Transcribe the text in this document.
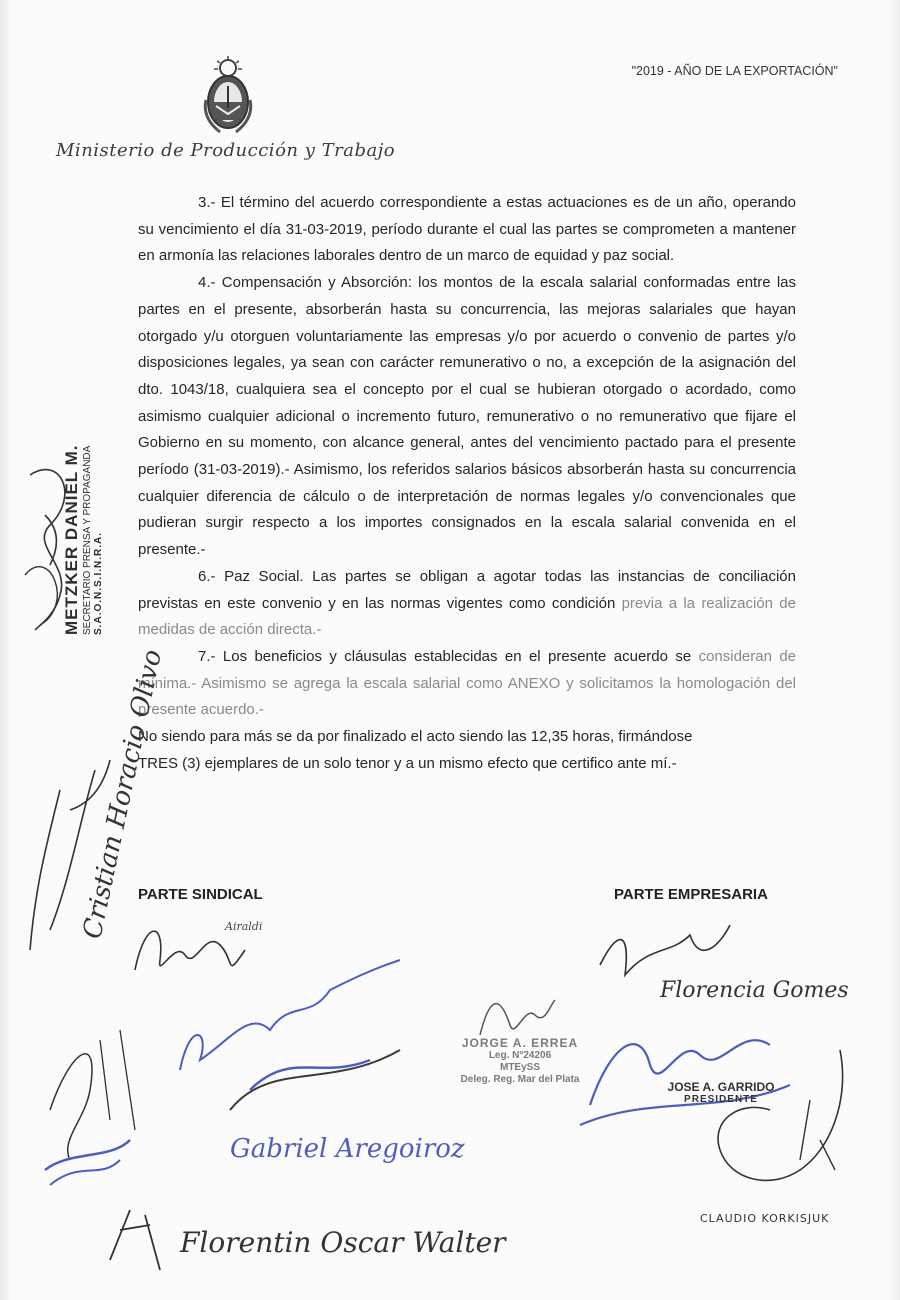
Ministerio de Producción y Trabajo
"2019 - AÑO DE LA EXPORTACIÓN"

3.- El término del acuerdo correspondiente a estas actuaciones es de un año, operando su vencimiento el día 31-03-2019, período durante el cual las partes se comprometen a mantener en armonía las relaciones laborales dentro de un marco de equidad y paz social.

4.- Compensación y Absorción: los montos de la escala salarial conformadas entre las partes en el presente, absorberán hasta su concurrencia, las mejoras salariales que hayan otorgado y/u otorguen voluntariamente las empresas y/o por acuerdo o convenio de partes y/o disposiciones legales, ya sean con carácter remunerativo o no, a excepción de la asignación del dto. 1043/18, cualquiera sea el concepto por el cual se hubieran otorgado o acordado, como asimismo cualquier adicional o incremento futuro, remunerativo o no remunerativo que fijare el Gobierno en su momento, con alcance general, antes del vencimiento pactado para el presente período (31-03-2019).- Asimismo, los referidos salarios básicos absorberán hasta su concurrencia cualquier diferencia de cálculo o de interpretación de normas legales y/o convencionales que pudieran surgir respecto a los importes consignados en la escala salarial convenida en el presente.-

6.- Paz Social. Las partes se obligan a agotar todas las instancias de conciliación previstas en este convenio y en las normas vigentes como condición previa a la realización de medidas de acción directa.-

7.- Los beneficios y cláusulas establecidas en el presente acuerdo se consideran de mínima.- Asimismo se agrega la escala salarial como ANEXO y solicitamos la homologación del presente acuerdo.-

No siendo para más se da por finalizado el acto siendo las 12,35 horas, firmándose

TRES (3) ejemplares de un solo tenor y a un mismo efecto que certifico ante mí.-

METZKER DANIEL M. SECRETARIO PRENSA Y PROPAGANDA S.A.O.N.S.I.N.R.A.
Cristian Horacio Olivo
PARTE SINDICAL	PARTE EMPRESARIA
Airaldi
Gabriel Aregoiroz
Florentin Oscar Walter
JORGE A. ERREA
Leg. N°24206
MTEySS
Deleg. Reg. Mar del Plata
Florencia Gomes
JOSE A. GARRIDO
PRESIDENTE
CLAUDIO KORKISJUK
